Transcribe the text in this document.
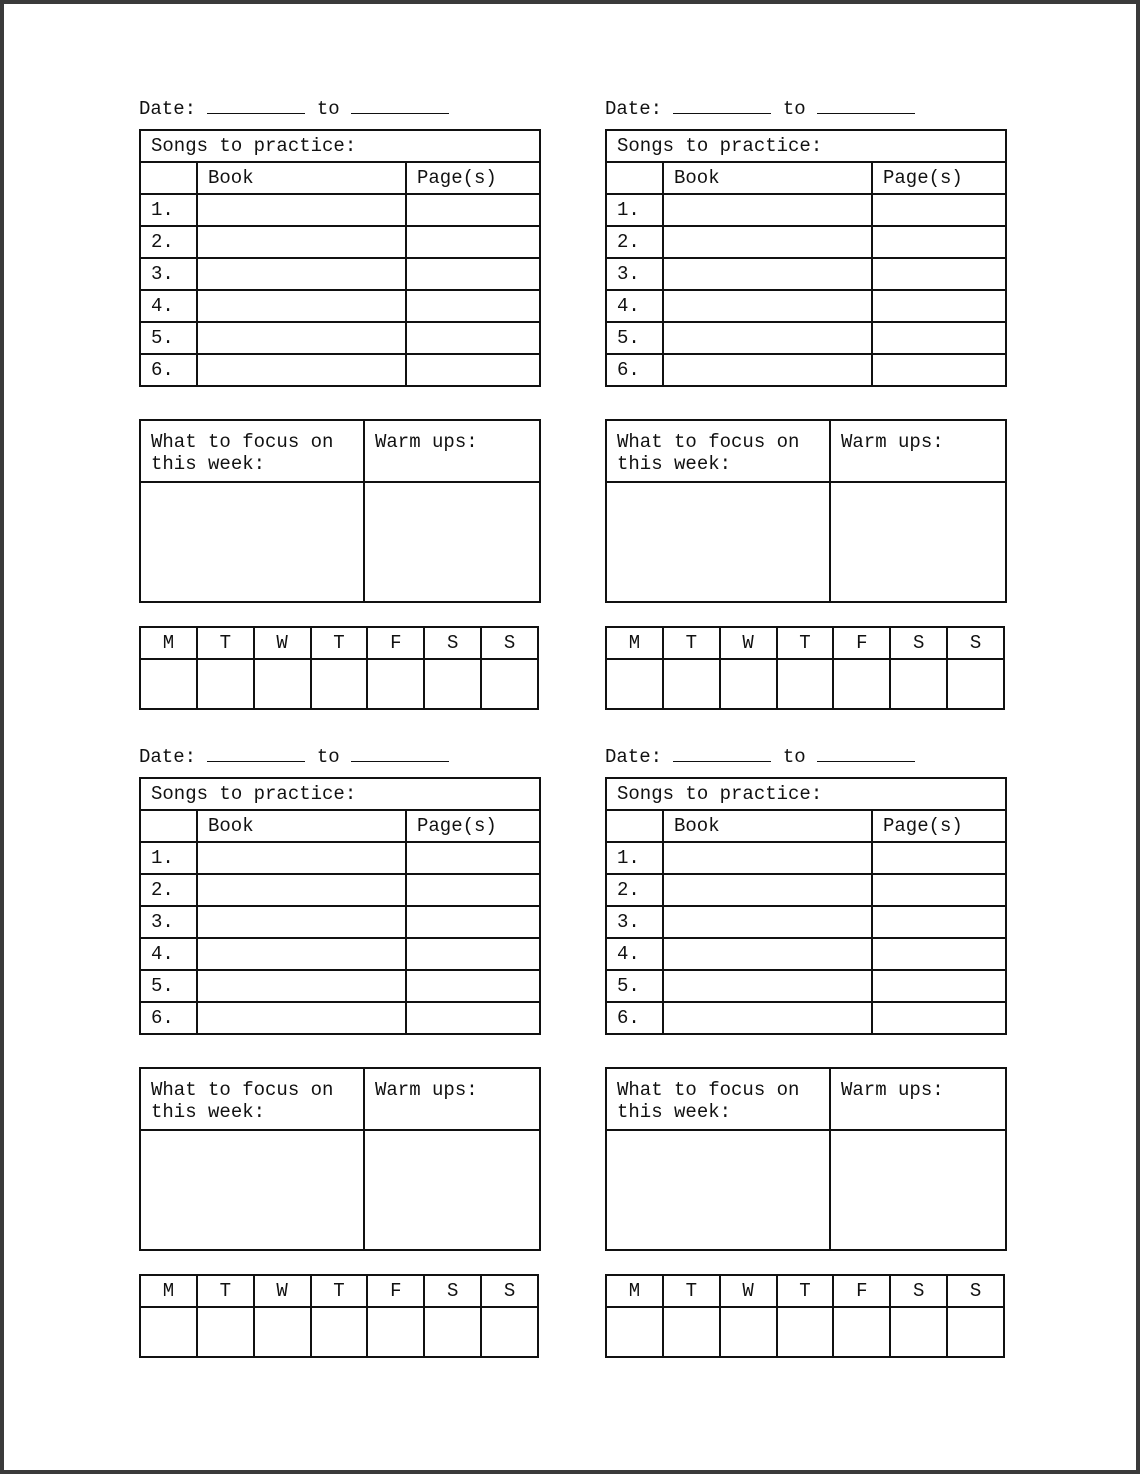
Date:	to
Songs to practice:		
	Book	Page(s)
1.		
2.		
3.		
4.		
5.		
6.		
What to focus on this week:	Warm ups:

M	T	W	T	F	S	S

Date:	to
Songs to practice:		
	Book	Page(s)
1.		
2.		
3.		
4.		
5.		
6.		
What to focus on this week:	Warm ups:

M	T	W	T	F	S	S

Date:	to
Songs to practice:		
	Book	Page(s)
1.		
2.		
3.		
4.		
5.		
6.		
What to focus on this week:	Warm ups:

M	T	W	T	F	S	S

Date:	to
Songs to practice:		
	Book	Page(s)
1.		
2.		
3.		
4.		
5.		
6.		
What to focus on this week:	Warm ups:

M	T	W	T	F	S	S
